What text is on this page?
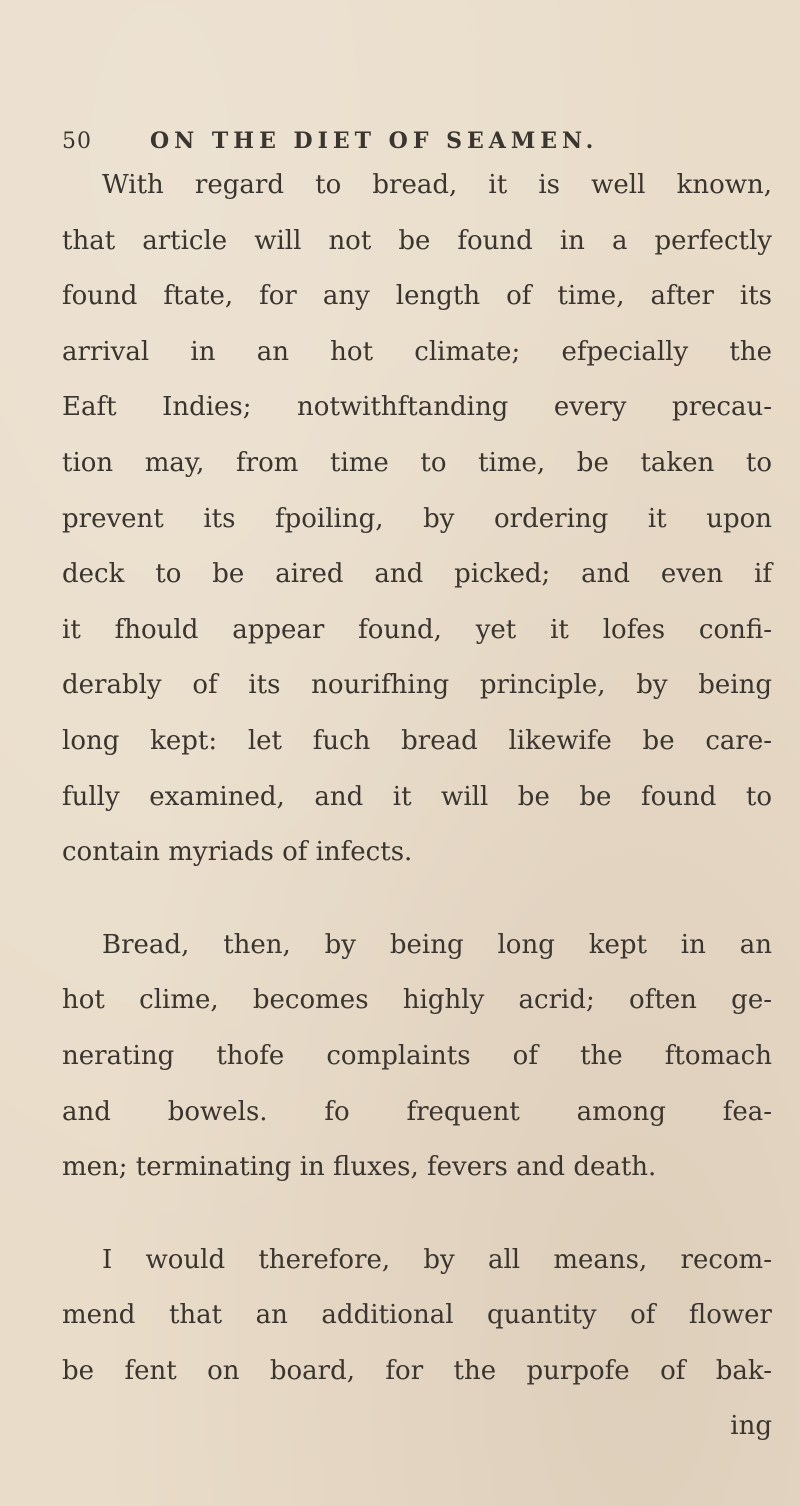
50	ON THE DIET OF SEAMEN.

With regard to bread, it is well known,
that article will not be found in a perfectly
found ftate, for any length of time, after its
arrival in an hot climate; efpecially the
Eaft Indies; notwithftanding every precau-
tion may, from time to time, be taken to
prevent its fpoiling, by ordering it upon
deck to be aired and picked; and even if
it fhould appear found, yet it lofes confi-
derably of its nourifhing principle, by being
long kept: let fuch bread likewife be care-
fully examined, and it will be be found to
contain myriads of infects.

Bread, then, by being long kept in an
hot clime, becomes highly acrid; often ge-
nerating thofe complaints of the ftomach
and bowels. fo frequent among fea-
men; terminating in fluxes, fevers and death.

I would therefore, by all means, recom-
mend that an additional quantity of flower
be fent on board, for the purpofe of bak-
ing
